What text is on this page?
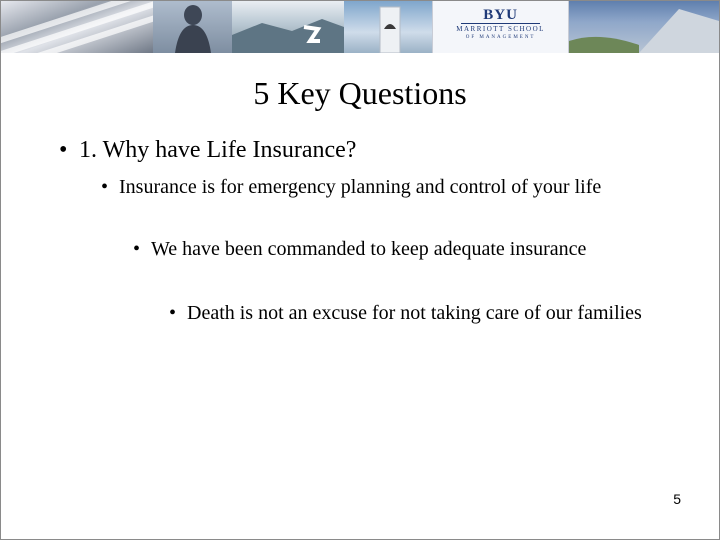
BYU
MARRIOTT SCHOOL
OF MANAGEMENT
5 Key Questions
• 1. Why have Life Insurance?
• Insurance is for emergency planning and control of your life
• We have been commanded to keep adequate insurance
• Death is not an excuse for not taking care of our families
5
